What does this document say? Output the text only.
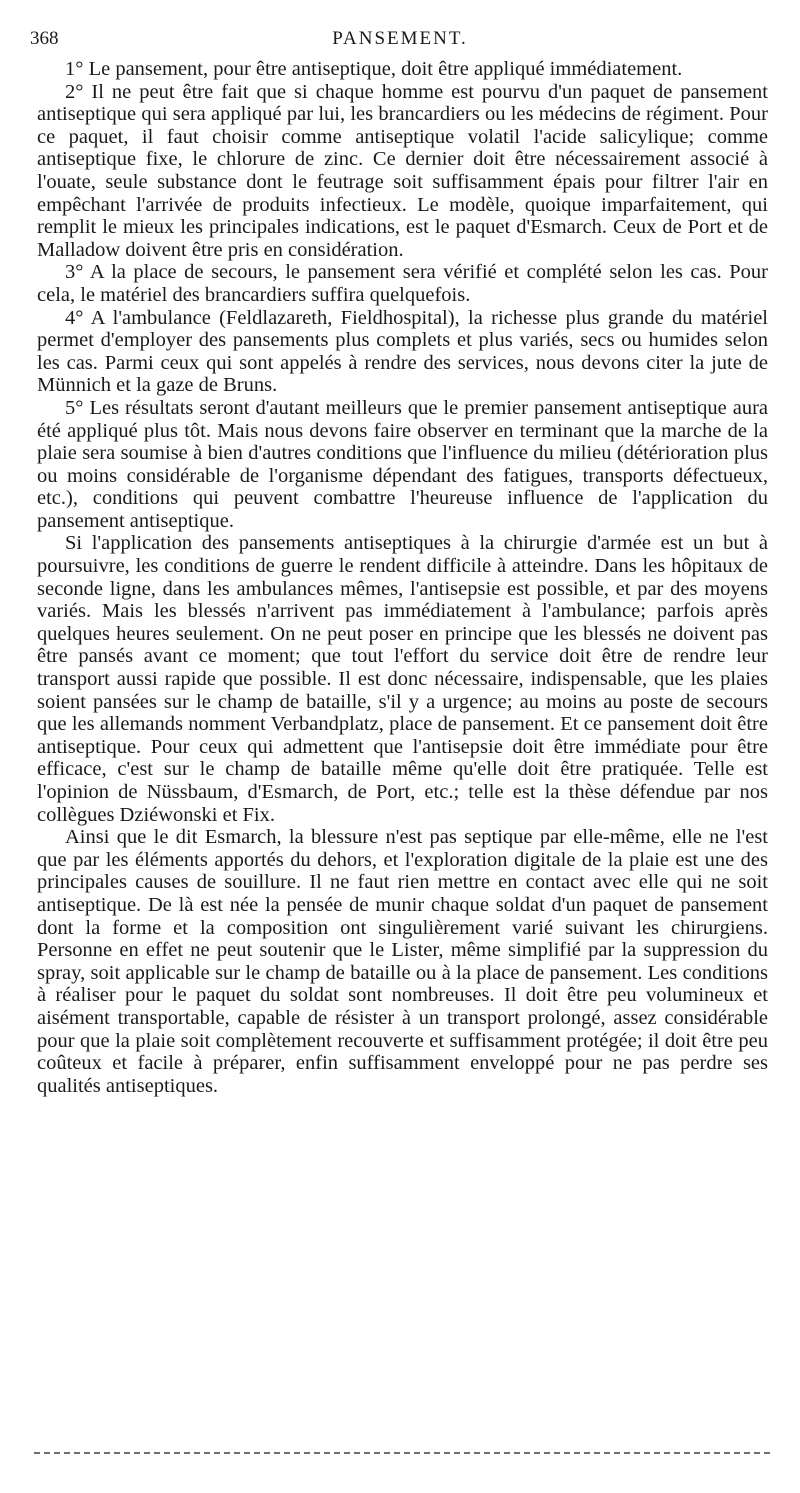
368	PANSEMENT.

1° Le pansement, pour être antiseptique, doit être appliqué immédiatement.

2° Il ne peut être fait que si chaque homme est pourvu d'un paquet de pansement antiseptique qui sera appliqué par lui, les brancardiers ou les médecins de régiment. Pour ce paquet, il faut choisir comme antiseptique volatil l'acide salicylique; comme antiseptique fixe, le chlorure de zinc. Ce dernier doit être nécessairement associé à l'ouate, seule substance dont le feutrage soit suffisamment épais pour filtrer l'air en empêchant l'arrivée de produits infectieux. Le modèle, quoique imparfaitement, qui remplit le mieux les principales indications, est le paquet d'Esmarch. Ceux de Port et de Malladow doivent être pris en considération.

3° A la place de secours, le pansement sera vérifié et complété selon les cas. Pour cela, le matériel des brancardiers suffira quelquefois.

4° A l'ambulance (Feldlazareth, Fieldhospital), la richesse plus grande du matériel permet d'employer des pansements plus complets et plus variés, secs ou humides selon les cas. Parmi ceux qui sont appelés à rendre des services, nous devons citer la jute de Münnich et la gaze de Bruns.

5° Les résultats seront d'autant meilleurs que le premier pansement antiseptique aura été appliqué plus tôt. Mais nous devons faire observer en terminant que la marche de la plaie sera soumise à bien d'autres conditions que l'influence du milieu (détérioration plus ou moins considérable de l'organisme dépendant des fatigues, transports défectueux, etc.), conditions qui peuvent combattre l'heureuse influence de l'application du pansement antiseptique.

Si l'application des pansements antiseptiques à la chirurgie d'armée est un but à poursuivre, les conditions de guerre le rendent difficile à atteindre. Dans les hôpitaux de seconde ligne, dans les ambulances mêmes, l'antisepsie est possible, et par des moyens variés. Mais les blessés n'arrivent pas immédiatement à l'ambulance; parfois après quelques heures seulement. On ne peut poser en principe que les blessés ne doivent pas être pansés avant ce moment; que tout l'effort du service doit être de rendre leur transport aussi rapide que possible. Il est donc nécessaire, indispensable, que les plaies soient pansées sur le champ de bataille, s'il y a urgence; au moins au poste de secours que les allemands nomment Verbandplatz, place de pansement. Et ce pansement doit être antiseptique. Pour ceux qui admettent que l'antisepsie doit être immédiate pour être efficace, c'est sur le champ de bataille même qu'elle doit être pratiquée. Telle est l'opinion de Nüssbaum, d'Esmarch, de Port, etc.; telle est la thèse défendue par nos collègues Dziéwonski et Fix.

Ainsi que le dit Esmarch, la blessure n'est pas septique par elle-même, elle ne l'est que par les éléments apportés du dehors, et l'exploration digitale de la plaie est une des principales causes de souillure. Il ne faut rien mettre en contact avec elle qui ne soit antiseptique. De là est née la pensée de munir chaque soldat d'un paquet de pansement dont la forme et la composition ont singulièrement varié suivant les chirurgiens. Personne en effet ne peut soutenir que le Lister, même simplifié par la suppression du spray, soit applicable sur le champ de bataille ou à la place de pansement. Les conditions à réaliser pour le paquet du soldat sont nombreuses. Il doit être peu volumineux et aisément transportable, capable de résister à un transport prolongé, assez considérable pour que la plaie soit complètement recouverte et suffisamment protégée; il doit être peu coûteux et facile à préparer, enfin suffisamment enveloppé pour ne pas perdre ses qualités antiseptiques.
